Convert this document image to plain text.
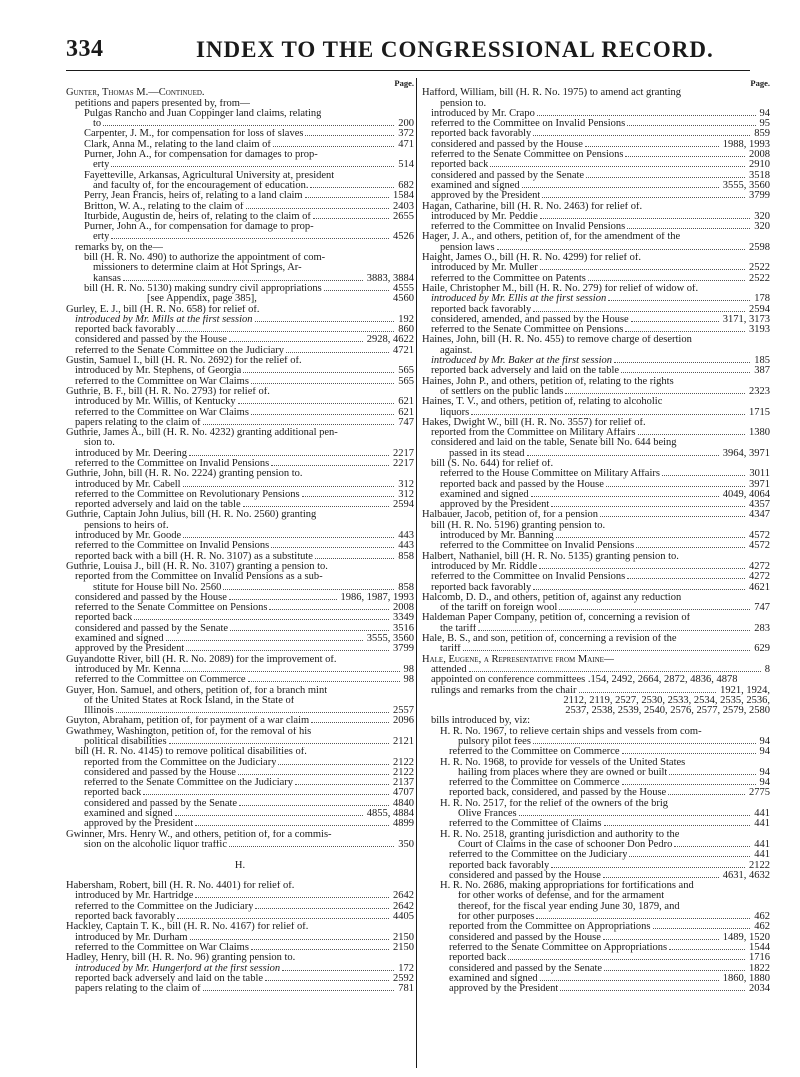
334	INDEX TO THE CONGRESSIONAL RECORD.
Page.
Gunter, Thomas M.—Continued.
petitions and papers presented by, from—
Pulgas Rancho and Juan Coppinger land claims, relating
to	200
Carpenter, J. M., for compensation for loss of slaves	372
Clark, Anna M., relating to the land claim of	471
Purner, John A., for compensation for damages to prop-
erty	514
Fayetteville, Arkansas, Agricultural University at, president
and faculty of, for the encouragement of education.	682
Perry, Jean Francis, heirs of, relating to a land claim	1584
Britton, W. A., relating to the claim of	2403
Iturbide, Augustin de, heirs of, relating to the claim of	2655
Purner, John A., for compensation for damage to prop-
erty	4526
remarks by, on the—
bill (H. R. No. 490) to authorize the appointment of com-
missioners to determine claim at Hot Springs, Ar-
kansas	3883, 3884
bill (H. R. No. 5130) making sundry civil appropriations	4555
[see Appendix, page 385],	4560
Gurley, E. J., bill (H. R. No. 658) for relief of.
introduced by Mr. Mills at the first session	192
reported back favorably	860
considered and passed by the House	2928, 4622
referred to the Senate Committee on the Judiciary	4721
Gustin, Samuel I., bill (H. R. No. 2692) for the relief of.
introduced by Mr. Stephens, of Georgia	565
referred to the Committee on War Claims	565
Guthrie, B. F., bill (H. R. No. 2793) for relief of.
introduced by Mr. Willis, of Kentucky	621
referred to the Committee on War Claims	621
papers relating to the claim of	747
Guthrie, James A., bill (H. R. No. 4232) granting additional pen-
sion to.
introduced by Mr. Deering	2217
referred to the Committee on Invalid Pensions	2217
Guthrie, John, bill (H. R. No. 2224) granting pension to.
introduced by Mr. Cabell	312
referred to the Committee on Revolutionary Pensions	312
reported adversely and laid on the table	2594
Guthrie, Captain John Julius, bill (H. R. No. 2560) granting
pensions to heirs of.
introduced by Mr. Goode	443
referred to the Committee on Invalid Pensions	443
reported back with a bill (H. R. No. 3107) as a substitute	858
Guthrie, Louisa J., bill (H. R. No. 3107) granting a pension to.
reported from the Committee on Invalid Pensions as a sub-
stitute for House bill No. 2560	858
considered and passed by the House	1986, 1987, 1993
referred to the Senate Committee on Pensions	2008
reported back	3349
considered and passed by the Senate	3516
examined and signed	3555, 3560
approved by the President	3799
Guyandotte River, bill (H. R. No. 2089) for the improvement of.
introduced by Mr. Kenna	98
referred to the Committee on Commerce	98
Guyer, Hon. Samuel, and others, petition of, for a branch mint
of the United States at Rock Island, in the State of
Illinois	2557
Guyton, Abraham, petition of, for payment of a war claim	2096
Gwathmey, Washington, petition of, for the removal of his
political disabilities	2121
bill (H. R. No. 4145) to remove political disabilities of.
reported from the Committee on the Judiciary	2122
considered and passed by the House	2122
referred to the Senate Committee on the Judiciary	2137
reported back	4707
considered and passed by the Senate	4840
examined and signed	4855, 4884
approved by the President	4899
Gwinner, Mrs. Henry W., and others, petition of, for a commis-
sion on the alcoholic liquor traffic	350
H.
Habersham, Robert, bill (H. R. No. 4401) for relief of.
introduced by Mr. Hartridge	2642
referred to the Committee on the Judiciary	2642
reported back favorably	4405
Hackley, Captain T. K., bill (H. R. No. 4167) for relief of.
introduced by Mr. Durham	2150
referred to the Committee on War Claims	2150
Hadley, Henry, bill (H. R. No. 96) granting pension to.
introduced by Mr. Hungerford at the first session	172
reported back adversely and laid on the table	2592
papers relating to the claim of	781
Page.
Hafford, William, bill (H. R. No. 1975) to amend act granting
pension to.
introduced by Mr. Crapo	94
referred to the Committee on Invalid Pensions	95
reported back favorably	859
considered and passed by the House	1988, 1993
referred to the Senate Committee on Pensions	2008
reported back	2910
considered and passed by the Senate	3518
examined and signed	3555, 3560
approved by the President	3799
Hagan, Catharine, bill (H. R. No. 2463) for relief of.
introduced by Mr. Peddie	320
referred to the Committee on Invalid Pensions	320
Hager, J. A., and others, petition of, for the amendment of the
pension laws	2598
Haight, James O., bill (H. R. No. 4299) for relief of.
introduced by Mr. Muller	2522
referred to the Committee on Patents	2522
Haile, Christopher M., bill (H. R. No. 279) for relief of widow of.
introduced by Mr. Ellis at the first session	178
reported back favorably	2594
considered, amended, and passed by the House	3171, 3173
referred to the Senate Committee on Pensions	3193
Haines, John, bill (H. R. No. 455) to remove charge of desertion
against.
introduced by Mr. Baker at the first session	185
reported back adversely and laid on the table	387
Haines, John P., and others, petition of, relating to the rights
of settlers on the public lands	2323
Haines, T. V., and others, petition of, relating to alcoholic
liquors	1715
Hakes, Dwight W., bill (H. R. No. 3557) for relief of.
reported from the Committee on Military Affairs	1380
considered and laid on the table, Senate bill No. 644 being
passed in its stead	3964, 3971
bill (S. No. 644) for relief of.
referred to the House Committee on Military Affairs	3011
reported back and passed by the House	3971
examined and signed	4049, 4064
approved by the President	4357
Halbauer, Jacob, petition of, for a pension	4347
bill (H. R. No. 5196) granting pension to.
introduced by Mr. Banning	4572
referred to the Committee on Invalid Pensions	4572
Halbert, Nathaniel, bill (H. R. No. 5135) granting pension to.
introduced by Mr. Riddle	4272
referred to the Committee on Invalid Pensions	4272
reported back favorably	4621
Halcomb, D. D., and others, petition of, against any reduction
of the tariff on foreign wool	747
Haldeman Paper Company, petition of, concerning a revision of
the tariff	283
Hale, B. S., and son, petition of, concerning a revision of the
tariff	629
Hale, Eugene, a Representative from Maine—
attended	8
appointed on conference committees .154, 2492, 2664, 2872, 4836, 4878
rulings and remarks from the chair	1921, 1924,
2112, 2119, 2527, 2530, 2533, 2534, 2535, 2536,
2537, 2538, 2539, 2540, 2576, 2577, 2579, 2580
bills introduced by, viz:
H. R. No. 1967, to relieve certain ships and vessels from com-
pulsory pilot fees	94
referred to the Committee on Commerce	94
H. R. No. 1968, to provide for vessels of the United States
hailing from places where they are owned or built	94
referred to the Committee on Commerce	94
reported back, considered, and passed by the House	2775
H. R. No. 2517, for the relief of the owners of the brig
Olive Frances	441
referred to the Committee of Claims	441
H. R. No. 2518, granting jurisdiction and authority to the
Court of Claims in the case of schooner Don Pedro	441
referred to the Committee on the Judiciary	441
reported back favorably	2122
considered and passed by the House	4631, 4632
H. R. No. 2686, making appropriations for fortifications and
for other works of defense, and for the armament
thereof, for the fiscal year ending June 30, 1879, and
for other purposes	462
reported from the Committee on Appropriations	462
considered and passed by the House	1489, 1520
referred to the Senate Committee on Appropriations	1544
reported back	1716
considered and passed by the Senate	1822
examined and signed	1860, 1880
approved by the President	2034
